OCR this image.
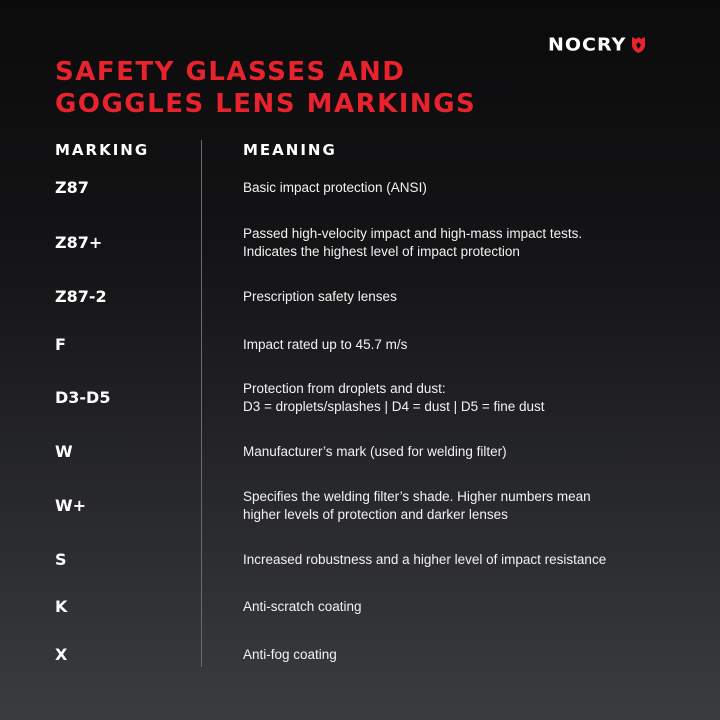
NOCRY
SAFETY GLASSES AND
GOGGLES LENS MARKINGS
MARKING	MEANING
Z87	Basic impact protection (ANSI)
Z87+	Passed high-velocity impact and high-mass impact tests.
Indicates the highest level of impact protection
Z87-2	Prescription safety lenses
F	Impact rated up to 45.7 m/s
D3-D5	Protection from droplets and dust:
D3 = droplets/splashes | D4 = dust | D5 = fine dust
W	Manufacturer’s mark (used for welding filter)
W+	Specifies the welding filter’s shade. Higher numbers mean
higher levels of protection and darker lenses
S	Increased robustness and a higher level of impact resistance
K	Anti-scratch coating
X	Anti-fog coating
